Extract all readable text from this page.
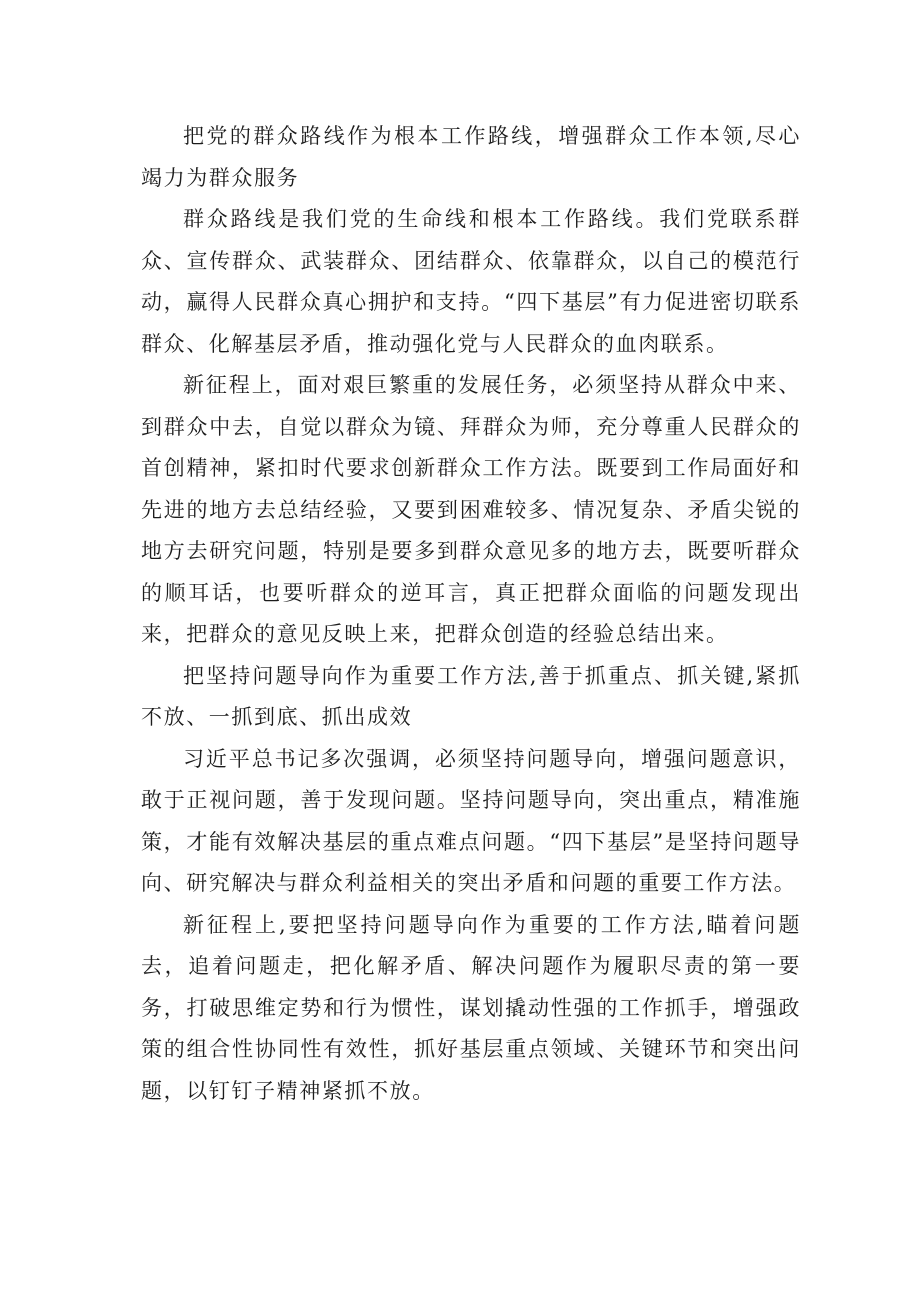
把党的群众路线作为根本工作路线，增强群众工作本领,尽心竭力为群众服务

群众路线是我们党的生命线和根本工作路线。我们党联系群众、宣传群众、武装群众、团结群众、依靠群众，以自己的模范行动，赢得人民群众真心拥护和支持。“四下基层”有力促进密切联系群众、化解基层矛盾，推动强化党与人民群众的血肉联系。

新征程上，面对艰巨繁重的发展任务，必须坚持从群众中来、到群众中去，自觉以群众为镜、拜群众为师，充分尊重人民群众的首创精神，紧扣时代要求创新群众工作方法。既要到工作局面好和先进的地方去总结经验，又要到困难较多、情况复杂、矛盾尖锐的地方去研究问题，特别是要多到群众意见多的地方去，既要听群众的顺耳话，也要听群众的逆耳言，真正把群众面临的问题发现出来，把群众的意见反映上来，把群众创造的经验总结出来。

把坚持问题导向作为重要工作方法,善于抓重点、抓关键,紧抓不放、一抓到底、抓出成效

习近平总书记多次强调，必须坚持问题导向，增强问题意识，敢于正视问题，善于发现问题。坚持问题导向，突出重点，精准施策，才能有效解决基层的重点难点问题。“四下基层”是坚持问题导向、研究解决与群众利益相关的突出矛盾和问题的重要工作方法。

新征程上,要把坚持问题导向作为重要的工作方法,瞄着问题去，追着问题走，把化解矛盾、解决问题作为履职尽责的第一要务，打破思维定势和行为惯性，谋划撬动性强的工作抓手，增强政策的组合性协同性有效性，抓好基层重点领域、关键环节和突出问题，以钉钉子精神紧抓不放。
